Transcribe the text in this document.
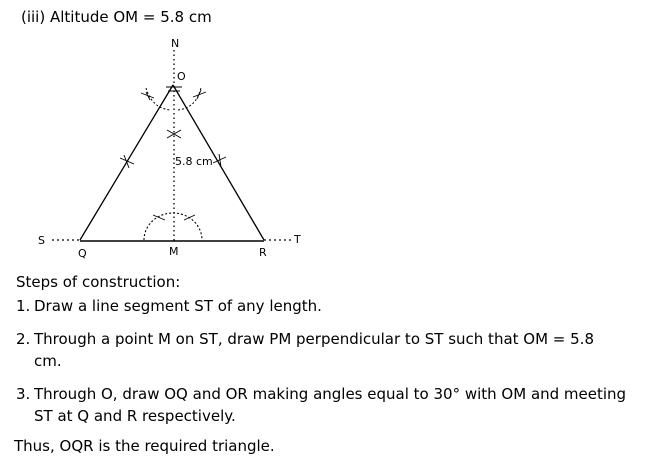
(iii) Altitude OM = 5.8 cm
N
O
5.8 cm
S	T
Q	M	R
Steps of construction:
1. Draw a line segment ST of any length.
2. Through a point M on ST, draw PM perpendicular to ST such that OM = 5.8
cm.
3. Through O, draw OQ and OR making angles equal to 30° with OM and meeting
ST at Q and R respectively.
Thus, OQR is the required triangle.
